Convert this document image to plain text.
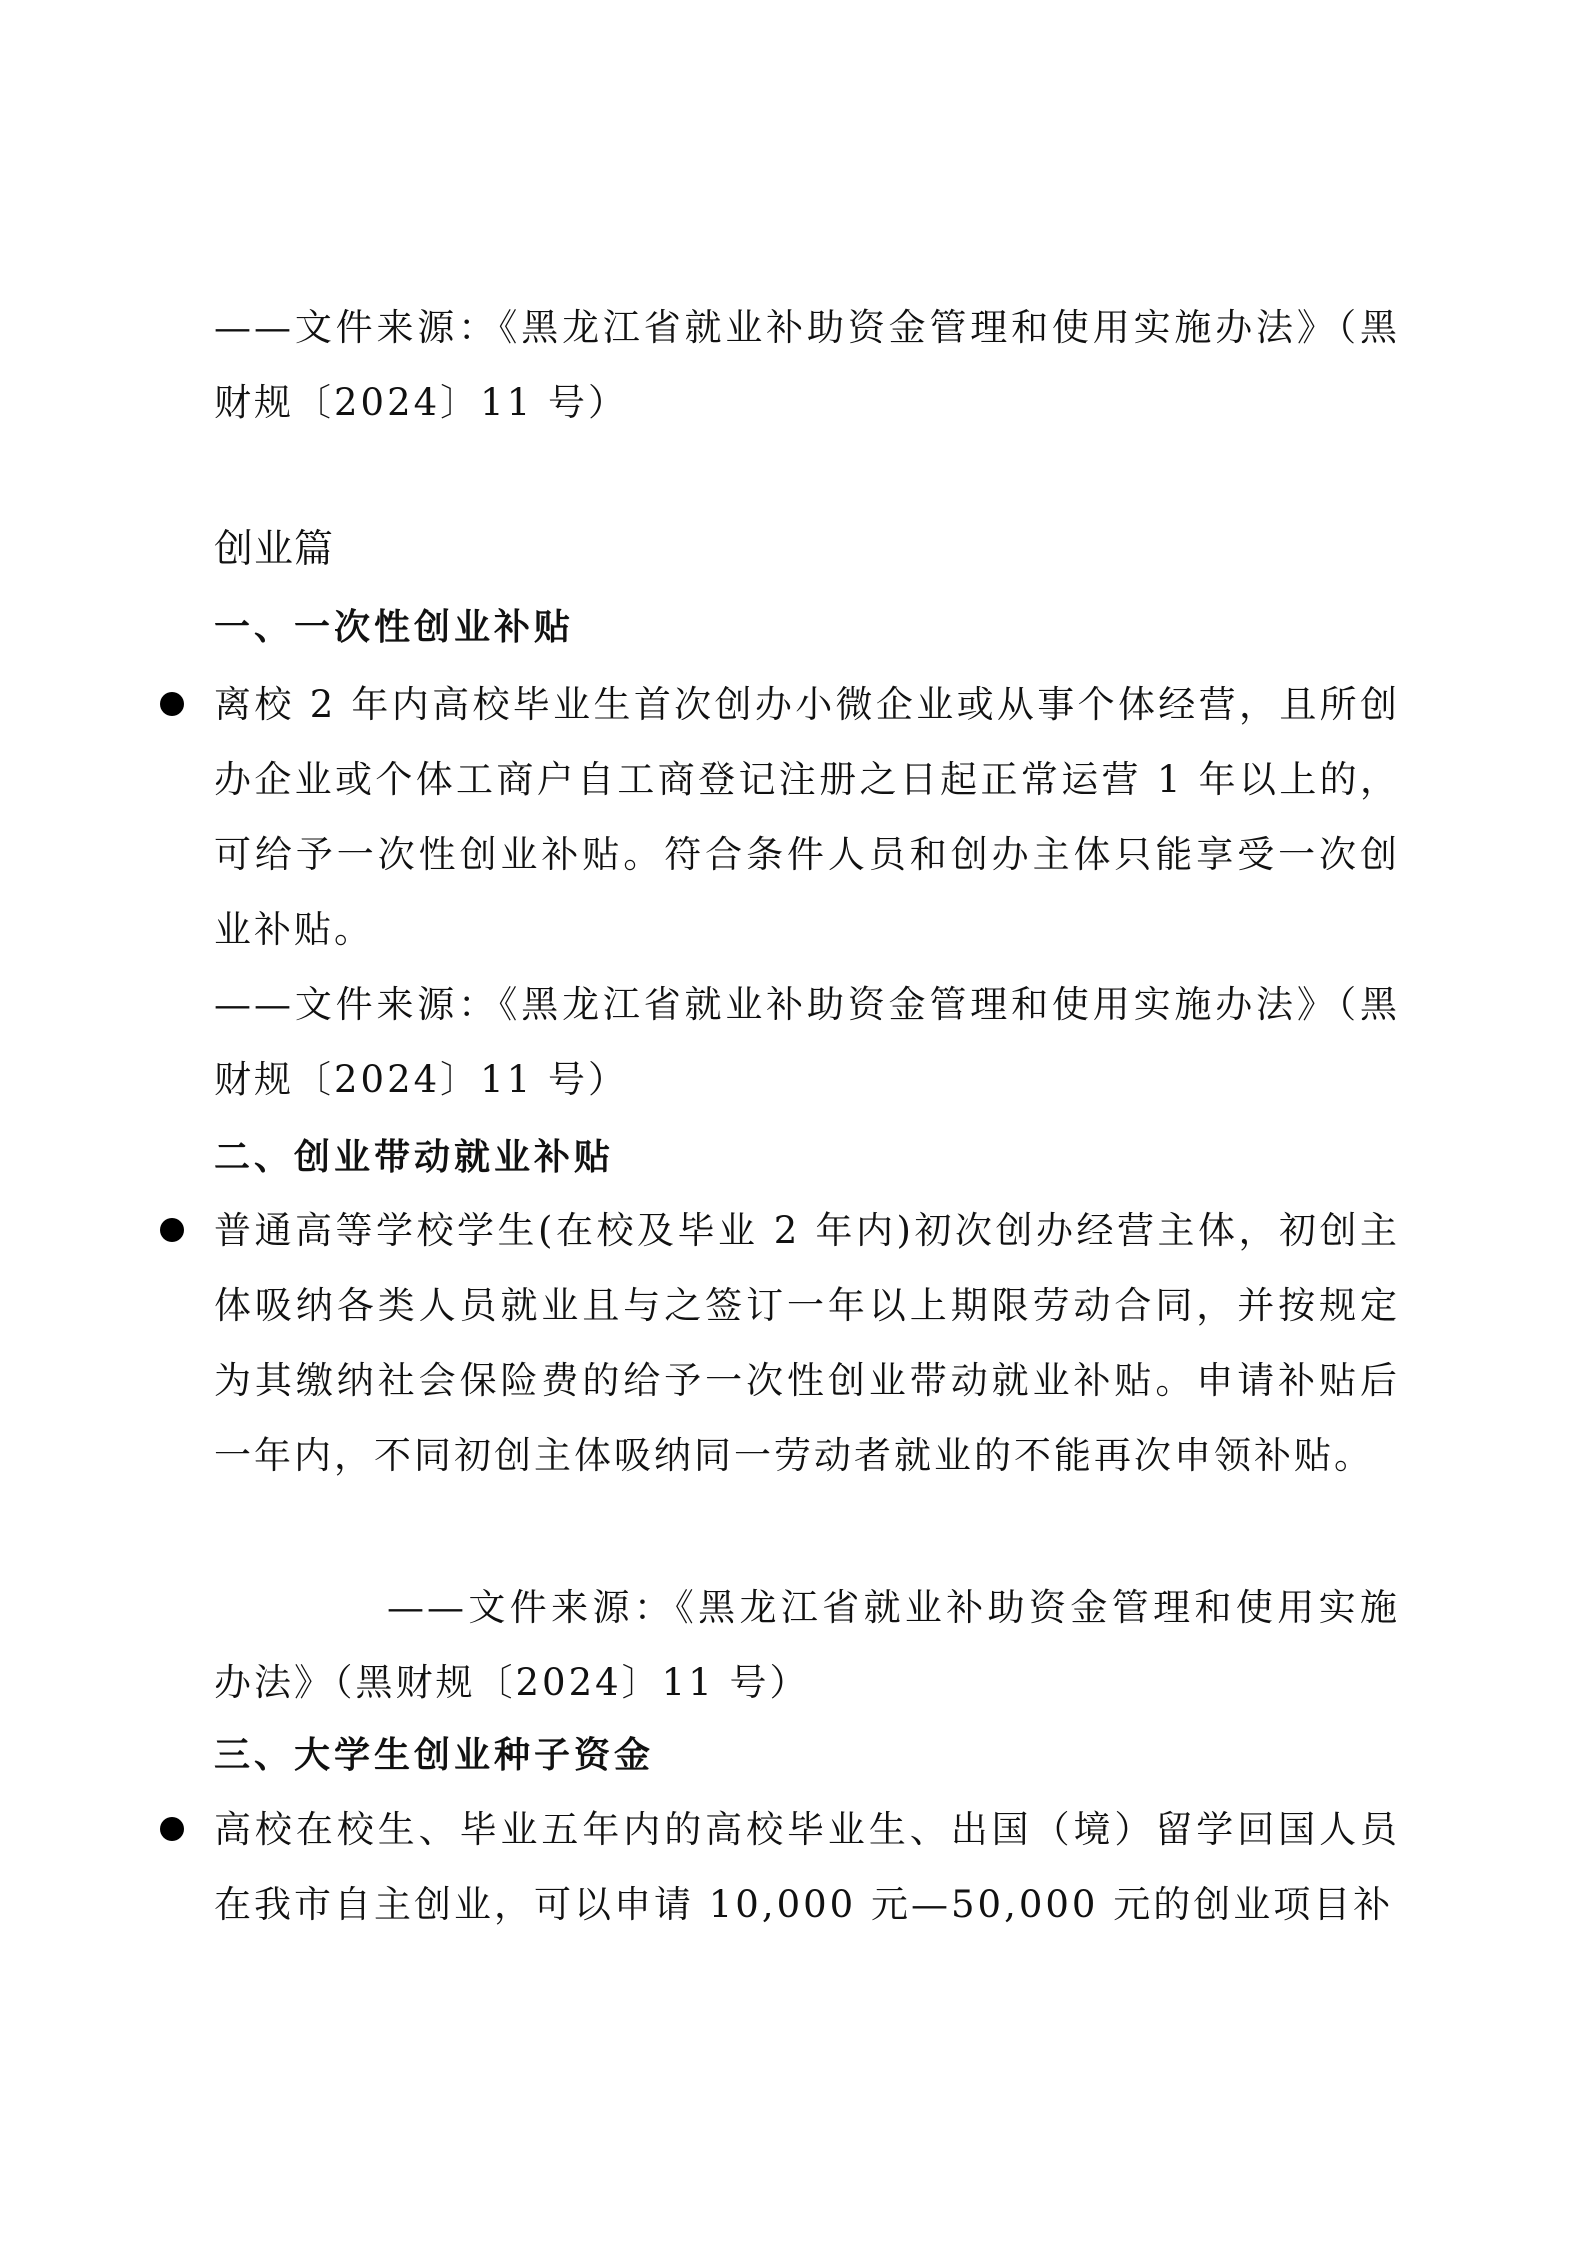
——文件来源：《黑龙江省就业补助资金管理和使用实施办法》（黑财规〔2024〕11 号）
创业篇
一、一次性创业补贴
离校 2 年内高校毕业生首次创办小微企业或从事个体经营，且所创办企业或个体工商户自工商登记注册之日起正常运营 1 年以上的，可给予一次性创业补贴。符合条件人员和创办主体只能享受一次创业补贴。
——文件来源：《黑龙江省就业补助资金管理和使用实施办法》（黑财规〔2024〕11 号）
二、创业带动就业补贴
普通高等学校学生(在校及毕业 2 年内)初次创办经营主体，初创主体吸纳各类人员就业且与之签订一年以上期限劳动合同，并按规定为其缴纳社会保险费的给予一次性创业带动就业补贴。申请补贴后一年内，不同初创主体吸纳同一劳动者就业的不能再次申领补贴。
——文件来源：《黑龙江省就业补助资金管理和使用实施办法》（黑财规〔2024〕11 号）
三、大学生创业种子资金
高校在校生、毕业五年内的高校毕业生、出国（境）留学回国人员在我市自主创业，可以申请 10,000 元—50,000 元的创业项目补
